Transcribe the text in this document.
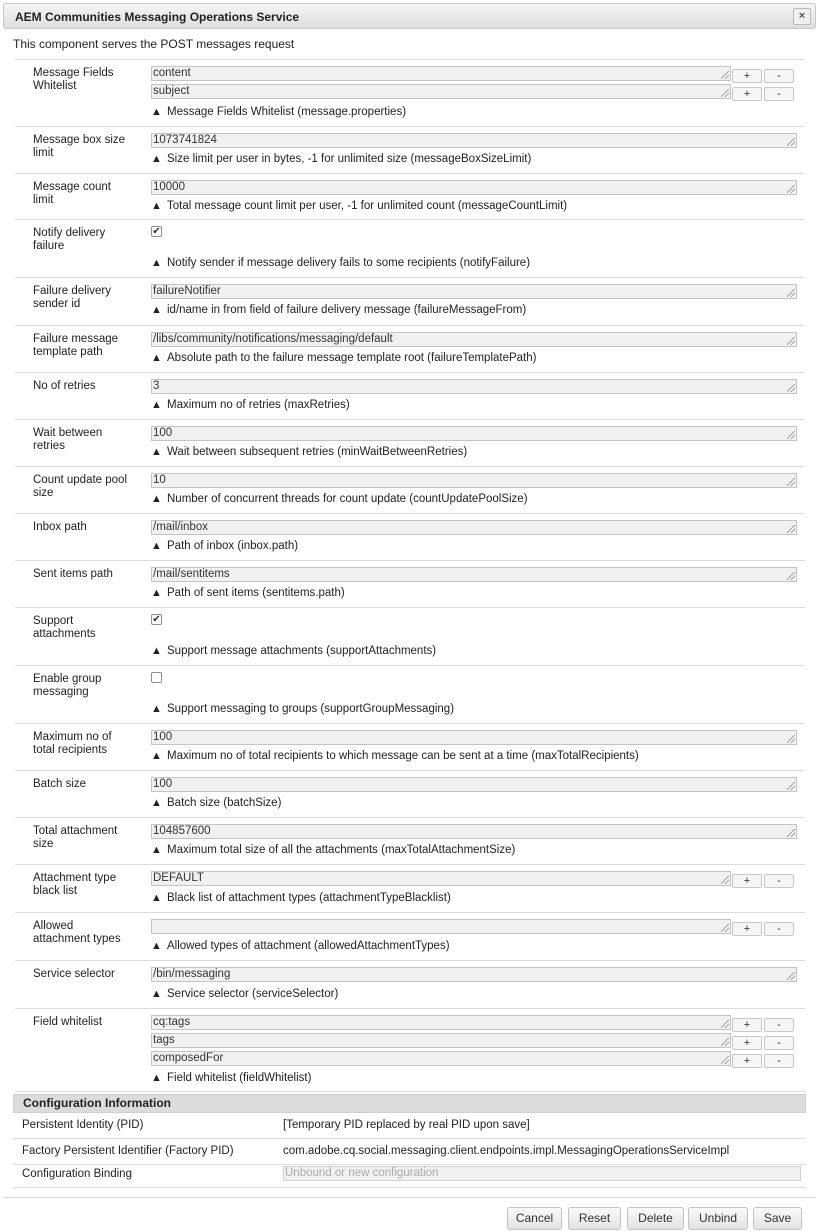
AEM Communities Messaging Operations Service	×
This component serves the POST messages request
Message Fields Whitelist
content	+	-
subject	+	-
▲ Message Fields Whitelist (message.properties)
Message box size limit
1073741824
▲ Size limit per user in bytes, -1 for unlimited size (messageBoxSizeLimit)
Message count limit
10000
▲ Total message count limit per user, -1 for unlimited count (messageCountLimit)
Notify delivery failure
✔
▲ Notify sender if message delivery fails to some recipients (notifyFailure)
Failure delivery sender id
failureNotifier
▲ id/name in from field of failure delivery message (failureMessageFrom)
Failure message template path
/libs/community/notifications/messaging/default
▲ Absolute path to the failure message template root (failureTemplatePath)
No of retries	3
▲ Maximum no of retries (maxRetries)
Wait between retries
100
▲ Wait between subsequent retries (minWaitBetweenRetries)
Count update pool size
10
▲ Number of concurrent threads for count update (countUpdatePoolSize)
Inbox path	/mail/inbox
▲ Path of inbox (inbox.path)
Sent items path	/mail/sentitems
▲ Path of sent items (sentitems.path)
Support attachments
✔
▲ Support message attachments (supportAttachments)
Enable group messaging
▲ Support messaging to groups (supportGroupMessaging)
Maximum no of total recipients
100
▲ Maximum no of total recipients to which message can be sent at a time (maxTotalRecipients)
Batch size	100
▲ Batch size (batchSize)
Total attachment size
104857600
▲ Maximum total size of all the attachments (maxTotalAttachmentSize)
Attachment type black list
DEFAULT	+	-
▲ Black list of attachment types (attachmentTypeBlacklist)
Allowed attachment types
+	-
▲ Allowed types of attachment (allowedAttachmentTypes)
Service selector	/bin/messaging
▲ Service selector (serviceSelector)
Field whitelist	cq:tags	+	-
tags	+	-
composedFor	+	-
▲ Field whitelist (fieldWhitelist)
Configuration Information
Persistent Identity (PID)	[Temporary PID replaced by real PID upon save]
Factory Persistent Identifier (Factory PID)	com.adobe.cq.social.messaging.client.endpoints.impl.MessagingOperationsServiceImpl
Configuration Binding	Unbound or new configuration
Cancel	Reset	Delete	Unbind	Save
